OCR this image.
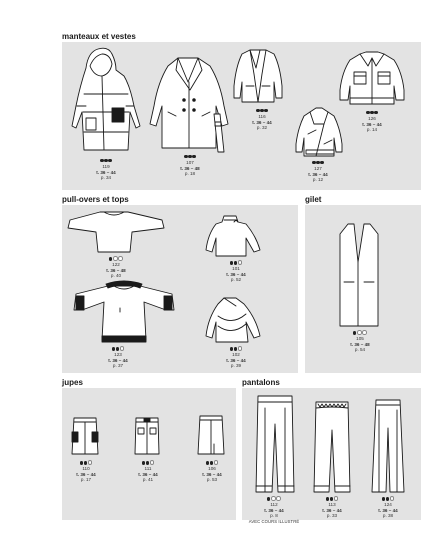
manteaux et vestes
pull-overs et tops	gilet
jupes	pantalons
119
t. 36 – 44
p. 34
107
t. 36 – 48
p. 18
116
t. 36 – 44
p. 32
127
t. 36 – 44
p. 12
126
t. 36 – 44
p. 14
122
t. 36 – 48
p. 40
101
t. 36 – 44
p. 52
123
t. 36 – 44
p. 37
102
t. 36 – 44
p. 39
105
t. 36 – 48
p. 54
110
t. 36 – 44
p. 17
111
t. 36 – 44
p. 41
106
t. 36 – 44
p. 53
112
t. 36 – 44
p. 8
AVEC COURS ILLUSTRÉ
113
t. 36 – 44
p. 33
124
t. 36 – 44
p. 38
